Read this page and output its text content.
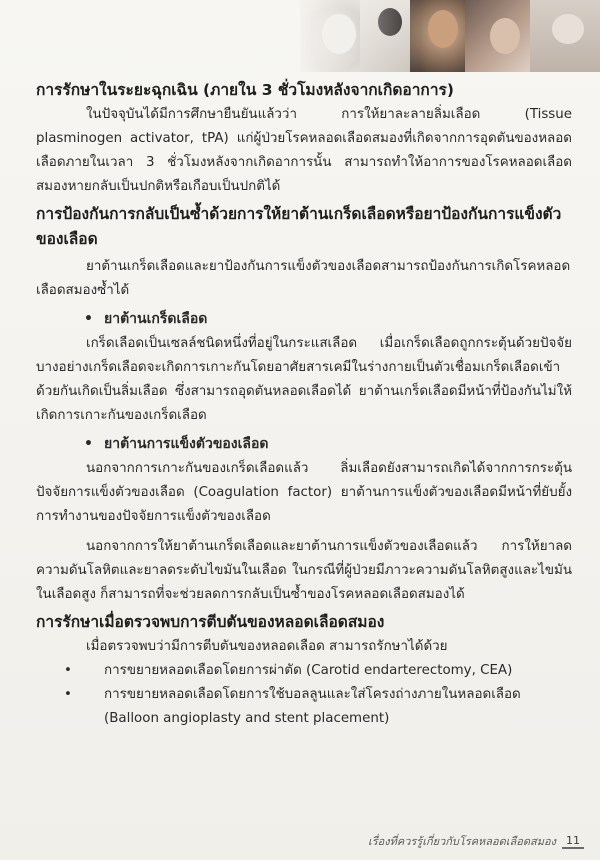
การรักษาในระยะฉุกเฉิน (ภายใน 3 ชั่วโมงหลังจากเกิดอาการ)

ในปัจจุบันได้มีการศึกษายืนยันแล้วว่า การให้ยาละลายลิ่มเลือด (Tissue plasminogen activator, tPA) แก่ผู้ป่วยโรคหลอดเลือดสมองที่เกิดจากการอุดตันของหลอดเลือดภายในเวลา 3 ชั่วโมงหลังจากเกิดอาการนั้น สามารถทำให้อาการของโรคหลอดเลือดสมองหายกลับเป็นปกติหรือเกือบเป็นปกติได้

การป้องกันการกลับเป็นซ้ำด้วยการให้ยาต้านเกร็ดเลือดหรือยาป้องกันการแข็งตัวของเลือด

ยาต้านเกร็ดเลือดและยาป้องกันการแข็งตัวของเลือดสามารถป้องกันการเกิดโรคหลอดเลือดสมองซ้ำได้

• ยาต้านเกร็ดเลือด

เกร็ดเลือดเป็นเซลล์ชนิดหนึ่งที่อยู่ในกระแสเลือด เมื่อเกร็ดเลือดถูกกระตุ้นด้วยปัจจัยบางอย่างเกร็ดเลือดจะเกิดการเกาะกันโดยอาศัยสารเคมีในร่างกายเป็นตัวเชื่อมเกร็ดเลือดเข้าด้วยกันเกิดเป็นลิ่มเลือด ซึ่งสามารถอุดตันหลอดเลือดได้ ยาต้านเกร็ดเลือดมีหน้าที่ป้องกันไม่ให้เกิดการเกาะกันของเกร็ดเลือด

• ยาต้านการแข็งตัวของเลือด

นอกจากการเกาะกันของเกร็ดเลือดแล้ว ลิ่มเลือดยังสามารถเกิดได้จากการกระตุ้นปัจจัยการแข็งตัวของเลือด (Coagulation factor) ยาต้านการแข็งตัวของเลือดมีหน้าที่ยับยั้งการทำงานของปัจจัยการแข็งตัวของเลือด

นอกจากการให้ยาต้านเกร็ดเลือดและยาต้านการแข็งตัวของเลือดแล้ว การให้ยาลดความดันโลหิตและยาลดระดับไขมันในเลือด ในกรณีที่ผู้ป่วยมีภาวะความดันโลหิตสูงและไขมันในเลือดสูง ก็สามารถที่จะช่วยลดการกลับเป็นซ้ำของโรคหลอดเลือดสมองได้

การรักษาเมื่อตรวจพบการตีบตันของหลอดเลือดสมอง

เมื่อตรวจพบว่ามีการตีบตันของหลอดเลือด สามารถรักษาได้ด้วย

• การขยายหลอดเลือดโดยการผ่าตัด (Carotid endarterectomy, CEA)
• การขยายหลอดเลือดโดยการใช้บอลลูนและใส่โครงถ่างภายในหลอดเลือด (Balloon angioplasty and stent placement)
เรื่องที่ควรรู้เกี่ยวกับโรคหลอดเลือดสมอง 11
